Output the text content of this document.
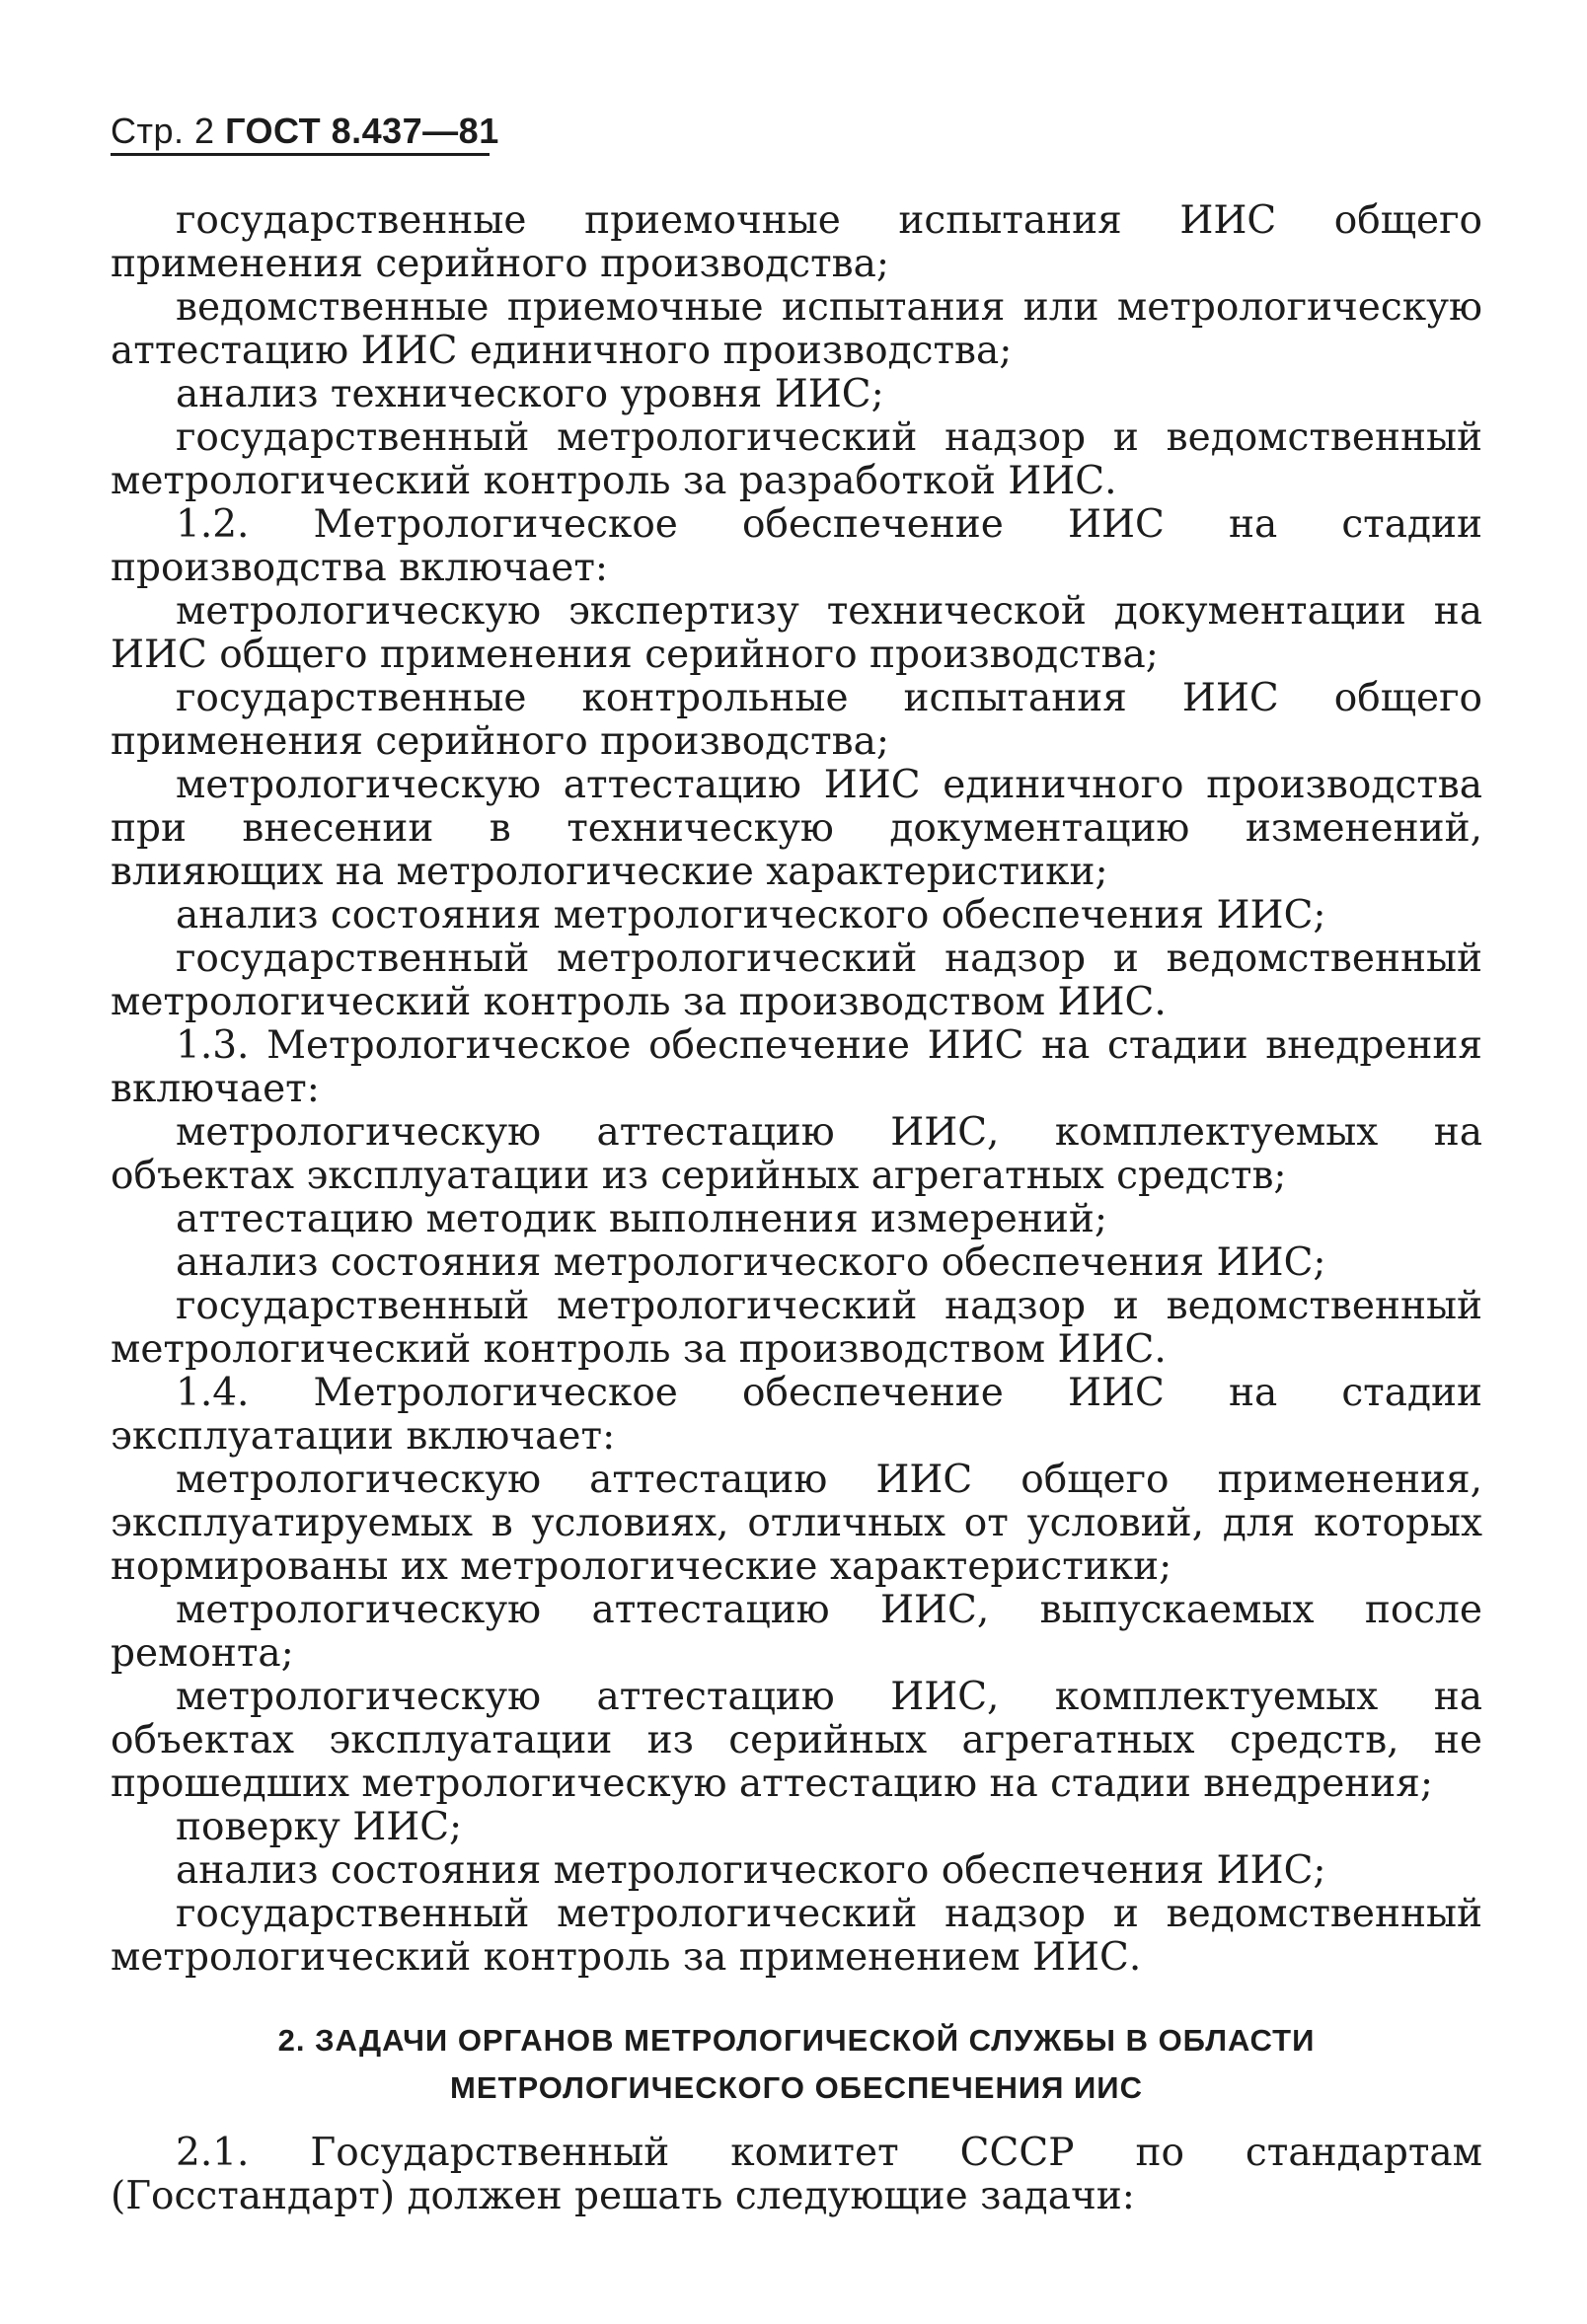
Стр. 2 ГОСТ 8.437—81

государственные приемочные испытания ИИС общего применения серийного производства;

ведомственные приемочные испытания или метрологическую аттестацию ИИС единичного производства;

анализ технического уровня ИИС;

государственный метрологический надзор и ведомственный метрологический контроль за разработкой ИИС.

1.2. Метрологическое обеспечение ИИС на стадии производства включает:

метрологическую экспертизу технической документации на ИИС общего применения серийного производства;

государственные контрольные испытания ИИС общего применения серийного производства;

метрологическую аттестацию ИИС единичного производства при внесении в техническую документацию изменений, влияющих на метрологические характеристики;

анализ состояния метрологического обеспечения ИИС;

государственный метрологический надзор и ведомственный метрологический контроль за производством ИИС.

1.3. Метрологическое обеспечение ИИС на стадии внедрения включает:

метрологическую аттестацию ИИС, комплектуемых на объектах эксплуатации из серийных агрегатных средств;

аттестацию методик выполнения измерений;

анализ состояния метрологического обеспечения ИИС;

государственный метрологический надзор и ведомственный метрологический контроль за производством ИИС.

1.4. Метрологическое обеспечение ИИС на стадии эксплуатации включает:

метрологическую аттестацию ИИС общего применения, эксплуатируемых в условиях, отличных от условий, для которых нормированы их метрологические характеристики;

метрологическую аттестацию ИИС, выпускаемых после ремонта;

метрологическую аттестацию ИИС, комплектуемых на объектах эксплуатации из серийных агрегатных средств, не прошедших метрологическую аттестацию на стадии внедрения;

поверку ИИС;

анализ состояния метрологического обеспечения ИИС;

государственный метрологический надзор и ведомственный метрологический контроль за применением ИИС.

2. ЗАДАЧИ ОРГАНОВ МЕТРОЛОГИЧЕСКОЙ СЛУЖБЫ В ОБЛАСТИ
МЕТРОЛОГИЧЕСКОГО ОБЕСПЕЧЕНИЯ ИИС

2.1. Государственный комитет СССР по стандартам (Госстандарт) должен решать следующие задачи:
